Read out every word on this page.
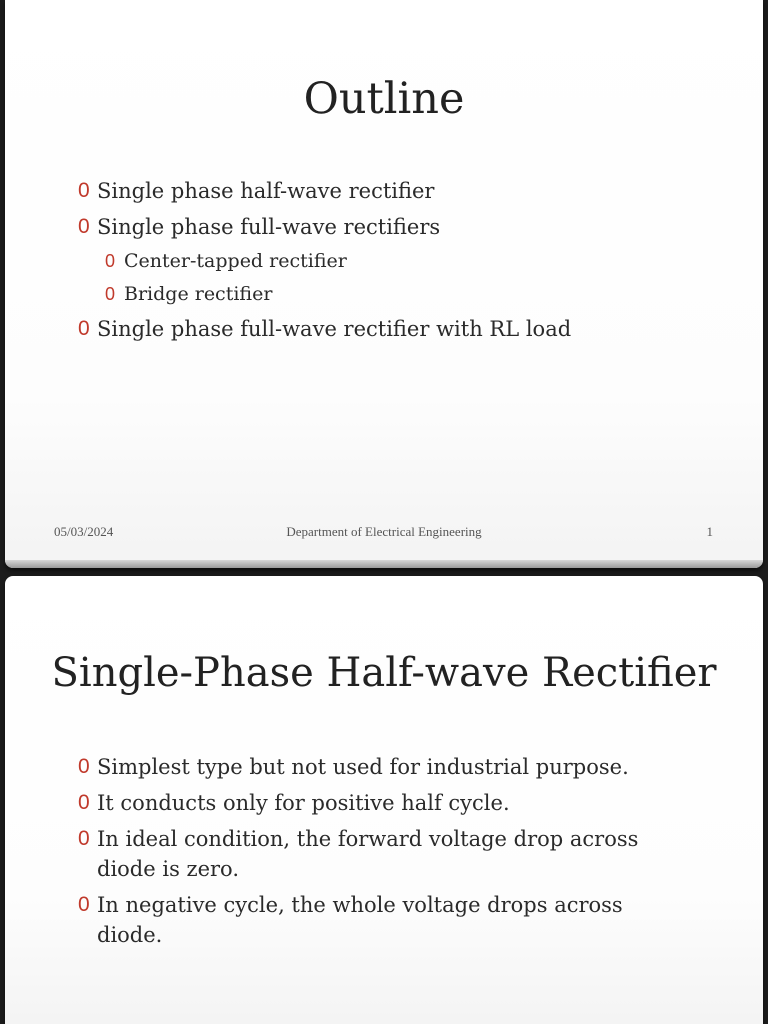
Outline
0 Single phase half-wave rectifier
0 Single phase full-wave rectifiers
0 Center-tapped rectifier
0 Bridge rectifier
0 Single phase full-wave rectifier with RL load
Department of Electrical Engineering
05/03/2024	1
Single-Phase Half-wave Rectifier
0 Simplest type but not used for industrial purpose.
0 It conducts only for positive half cycle.
0 In ideal condition, the forward voltage drop across diode is zero.
0 In negative cycle, the whole voltage drops across diode.
